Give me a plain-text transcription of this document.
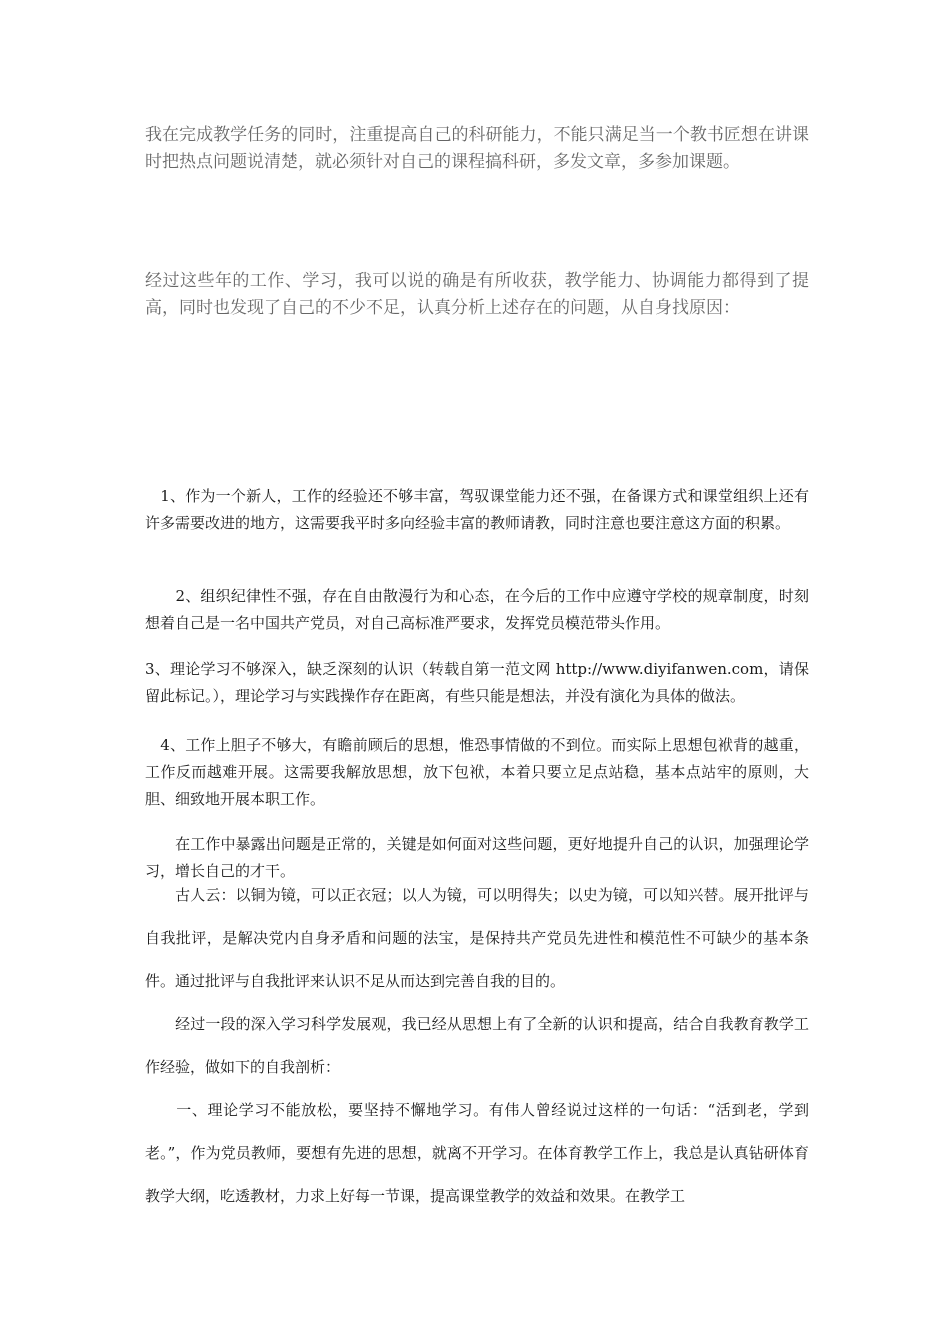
我在完成教学任务的同时，注重提高自己的科研能力，不能只满足当一个教书匠想在讲课时把热点问题说清楚，就必须针对自己的课程搞科研，多发文章，多参加课题。

经过这些年的工作、学习，我可以说的确是有所收获，教学能力、协调能力都得到了提高，同时也发现了自己的不少不足，认真分析上述存在的问题，从自身找原因：

　1、作为一个新人，工作的经验还不够丰富，驾驭课堂能力还不强，在备课方式和课堂组织上还有许多需要改进的地方，这需要我平时多向经验丰富的教师请教，同时注意也要注意这方面的积累。

　　2、组织纪律性不强，存在自由散漫行为和心态，在今后的工作中应遵守学校的规章制度，时刻想着自己是一名中国共产党员，对自己高标准严要求，发挥党员模范带头作用。

3、理论学习不够深入，缺乏深刻的认识（转载自第一范文网 http://www.diyifanwen.com，请保留此标记。），理论学习与实践操作存在距离，有些只能是想法，并没有演化为具体的做法。

　4、工作上胆子不够大，有瞻前顾后的思想，惟恐事情做的不到位。而实际上思想包袱背的越重，工作反而越难开展。这需要我解放思想，放下包袱，本着只要立足点站稳，基本点站牢的原则，大胆、细致地开展本职工作。

　　在工作中暴露出问题是正常的，关键是如何面对这些问题，更好地提升自己的认识，加强理论学习，增长自己的才干。

　　古人云：以铜为镜，可以正衣冠；以人为镜，可以明得失；以史为镜，可以知兴替。展开批评与自我批评，是解决党内自身矛盾和问题的法宝，是保持共产党员先进性和模范性不可缺少的基本条件。通过批评与自我批评来认识不足从而达到完善自我的目的。

　　经过一段的深入学习科学发展观，我已经从思想上有了全新的认识和提高，结合自我教育教学工作经验，做如下的自我剖析：

　　一、理论学习不能放松，要坚持不懈地学习。有伟人曾经说过这样的一句话：“活到老，学到老。”，作为党员教师，要想有先进的思想，就离不开学习。在体育教学工作上，我总是认真钻研体育教学大纲，吃透教材，力求上好每一节课，提高课堂教学的效益和效果。在教学工
